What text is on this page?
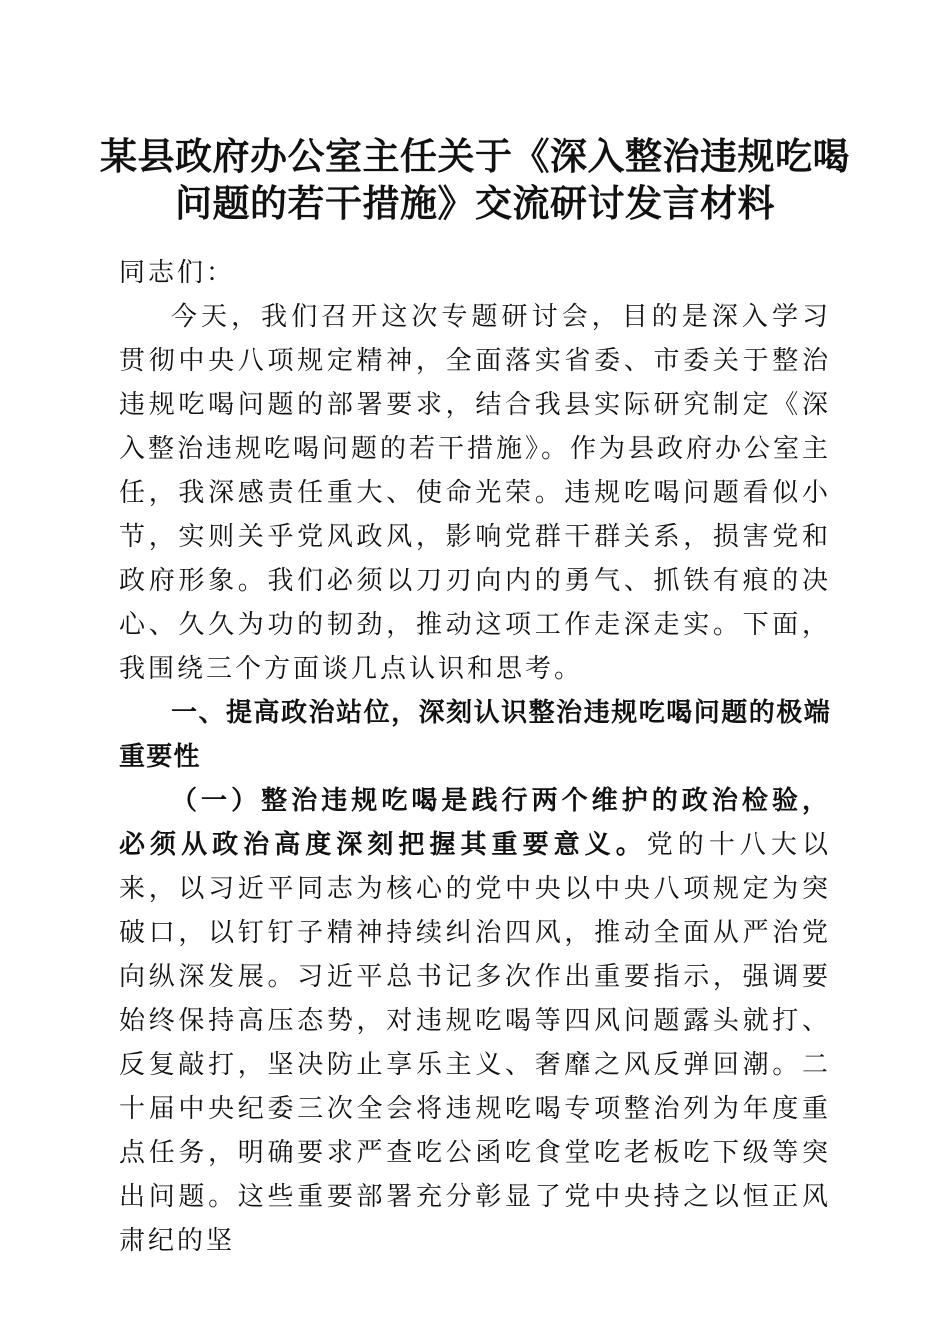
某县政府办公室主任关于《深入整治违规吃喝
问题的若干措施》交流研讨发言材料

同志们：

今天，我们召开这次专题研讨会，目的是深入学习贯彻中央八项规定精神，全面落实省委、市委关于整治违规吃喝问题的部署要求，结合我县实际研究制定《深入整治违规吃喝问题的若干措施》。作为县政府办公室主任，我深感责任重大、使命光荣。违规吃喝问题看似小节，实则关乎党风政风，影响党群干群关系，损害党和政府形象。我们必须以刀刃向内的勇气、抓铁有痕的决心、久久为功的韧劲，推动这项工作走深走实。下面，我围绕三个方面谈几点认识和思考。

一、提高政治站位，深刻认识整治违规吃喝问题的极端重要性

（一）整治违规吃喝是践行两个维护的政治检验，必须从政治高度深刻把握其重要意义。党的十八大以来，以习近平同志为核心的党中央以中央八项规定为突破口，以钉钉子精神持续纠治四风，推动全面从严治党向纵深发展。习近平总书记多次作出重要指示，强调要始终保持高压态势，对违规吃喝等四风问题露头就打、反复敲打，坚决防止享乐主义、奢靡之风反弹回潮。二十届中央纪委三次全会将违规吃喝专项整治列为年度重点任务，明确要求严查吃公函吃食堂吃老板吃下级等突出问题。这些重要部署充分彰显了党中央持之以恒正风肃纪的坚
